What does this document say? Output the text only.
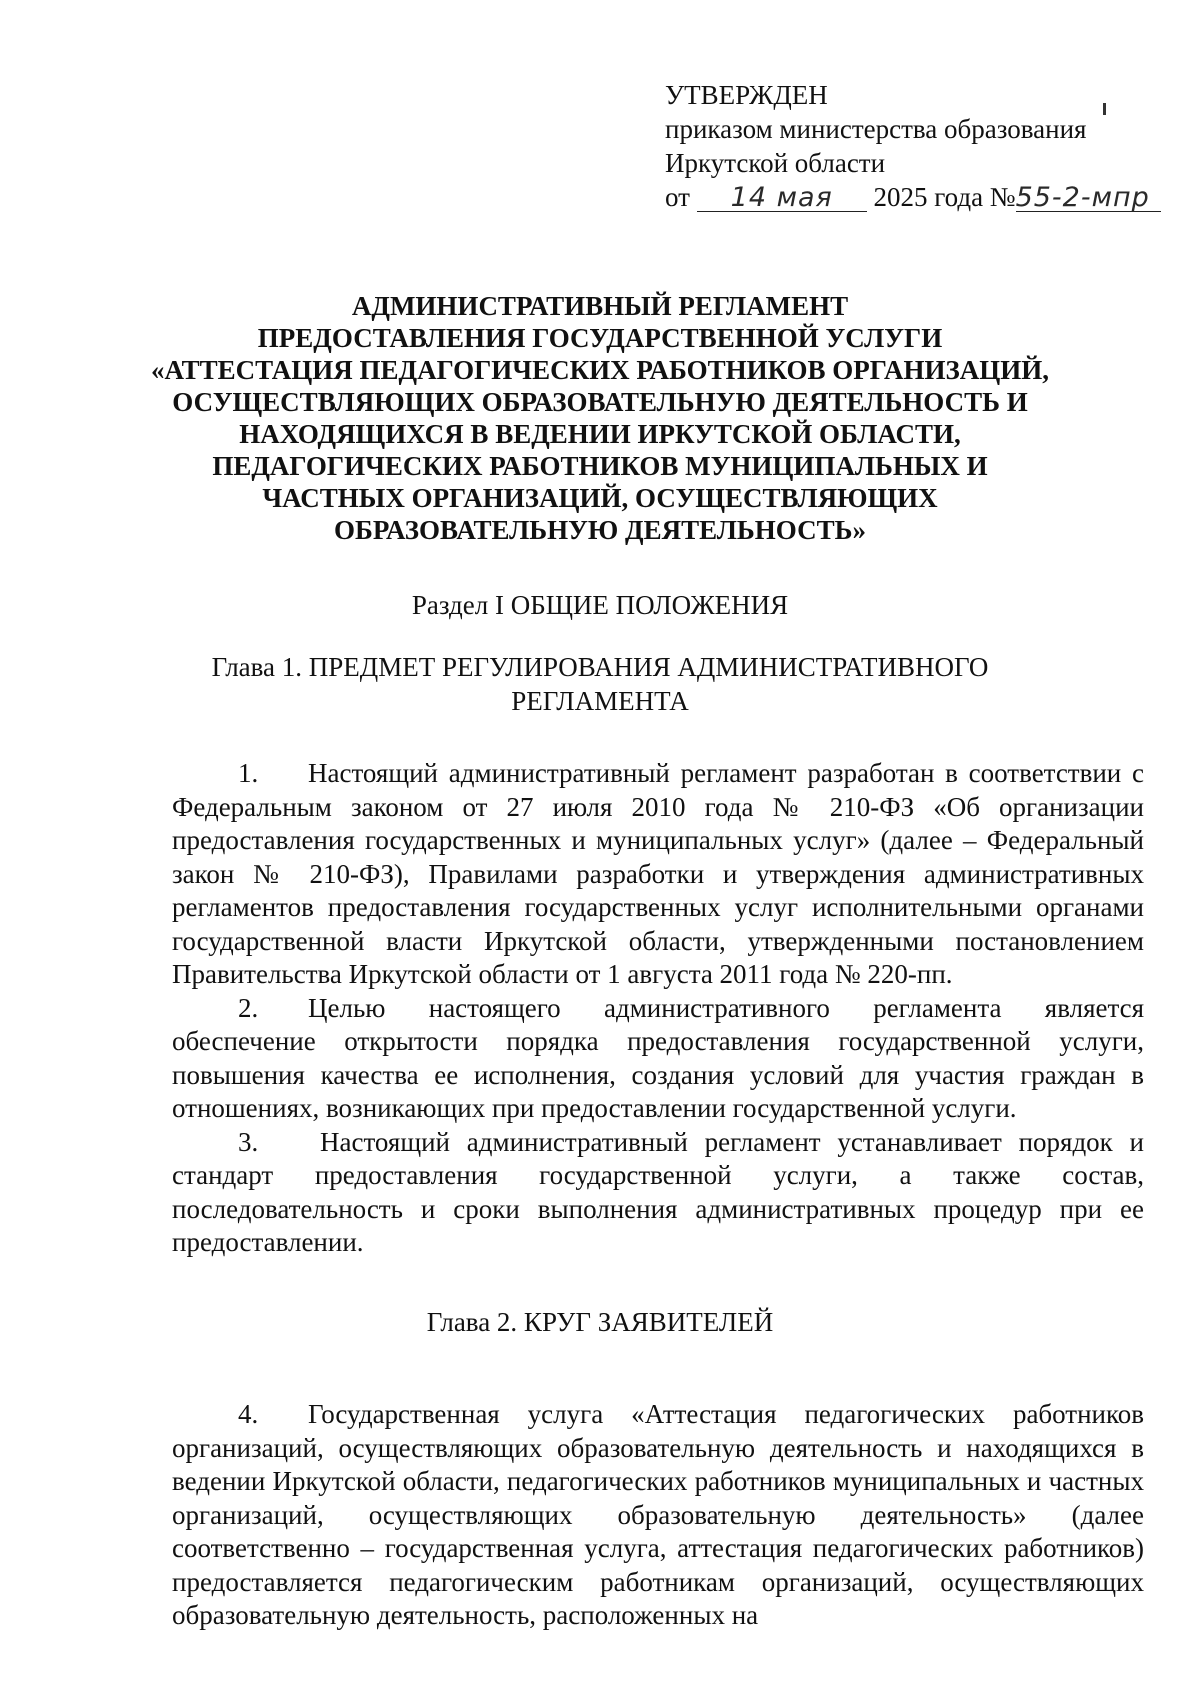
УТВЕРЖДЕН
приказом министерства образования
Иркутской области
от 14 мая 2025 года №55-2-мпр
АДМИНИСТРАТИВНЫЙ РЕГЛАМЕНТ
ПРЕДОСТАВЛЕНИЯ ГОСУДАРСТВЕННОЙ УСЛУГИ
«АТТЕСТАЦИЯ ПЕДАГОГИЧЕСКИХ РАБОТНИКОВ ОРГАНИЗАЦИЙ,
ОСУЩЕСТВЛЯЮЩИХ ОБРАЗОВАТЕЛЬНУЮ ДЕЯТЕЛЬНОСТЬ И
НАХОДЯЩИХСЯ В ВЕДЕНИИ ИРКУТСКОЙ ОБЛАСТИ,
ПЕДАГОГИЧЕСКИХ РАБОТНИКОВ МУНИЦИПАЛЬНЫХ И
ЧАСТНЫХ ОРГАНИЗАЦИЙ, ОСУЩЕСТВЛЯЮЩИХ
ОБРАЗОВАТЕЛЬНУЮ ДЕЯТЕЛЬНОСТЬ»
Раздел I ОБЩИЕ ПОЛОЖЕНИЯ
Глава 1. ПРЕДМЕТ РЕГУЛИРОВАНИЯ АДМИНИСТРАТИВНОГО
РЕГЛАМЕНТА

1. Настоящий административный регламент разработан в соответствии с Федеральным законом от 27 июля 2010 года № 210-ФЗ «Об организации предоставления государственных и муниципальных услуг» (далее – Федеральный закон № 210-ФЗ), Правилами разработки и утверждения административных регламентов предоставления государственных услуг исполнительными органами государственной власти Иркутской области, утвержденными постановлением Правительства Иркутской области от 1 августа 2011 года № 220-пп.

2. Целью настоящего административного регламента является обеспечение открытости порядка предоставления государственной услуги, повышения качества ее исполнения, создания условий для участия граждан в отношениях, возникающих при предоставлении государственной услуги.

3. Настоящий административный регламент устанавливает порядок и стандарт предоставления государственной услуги, а также состав, последовательность и сроки выполнения административных процедур при ее предоставлении.

Глава 2. КРУГ ЗАЯВИТЕЛЕЙ

4. Государственная услуга «Аттестация педагогических работников организаций, осуществляющих образовательную деятельность и находящихся в ведении Иркутской области, педагогических работников муниципальных и частных организаций, осуществляющих образовательную деятельность» (далее соответственно – государственная услуга, аттестация педагогических работников) предоставляется педагогическим работникам организаций, осуществляющих образовательную деятельность, расположенных на
